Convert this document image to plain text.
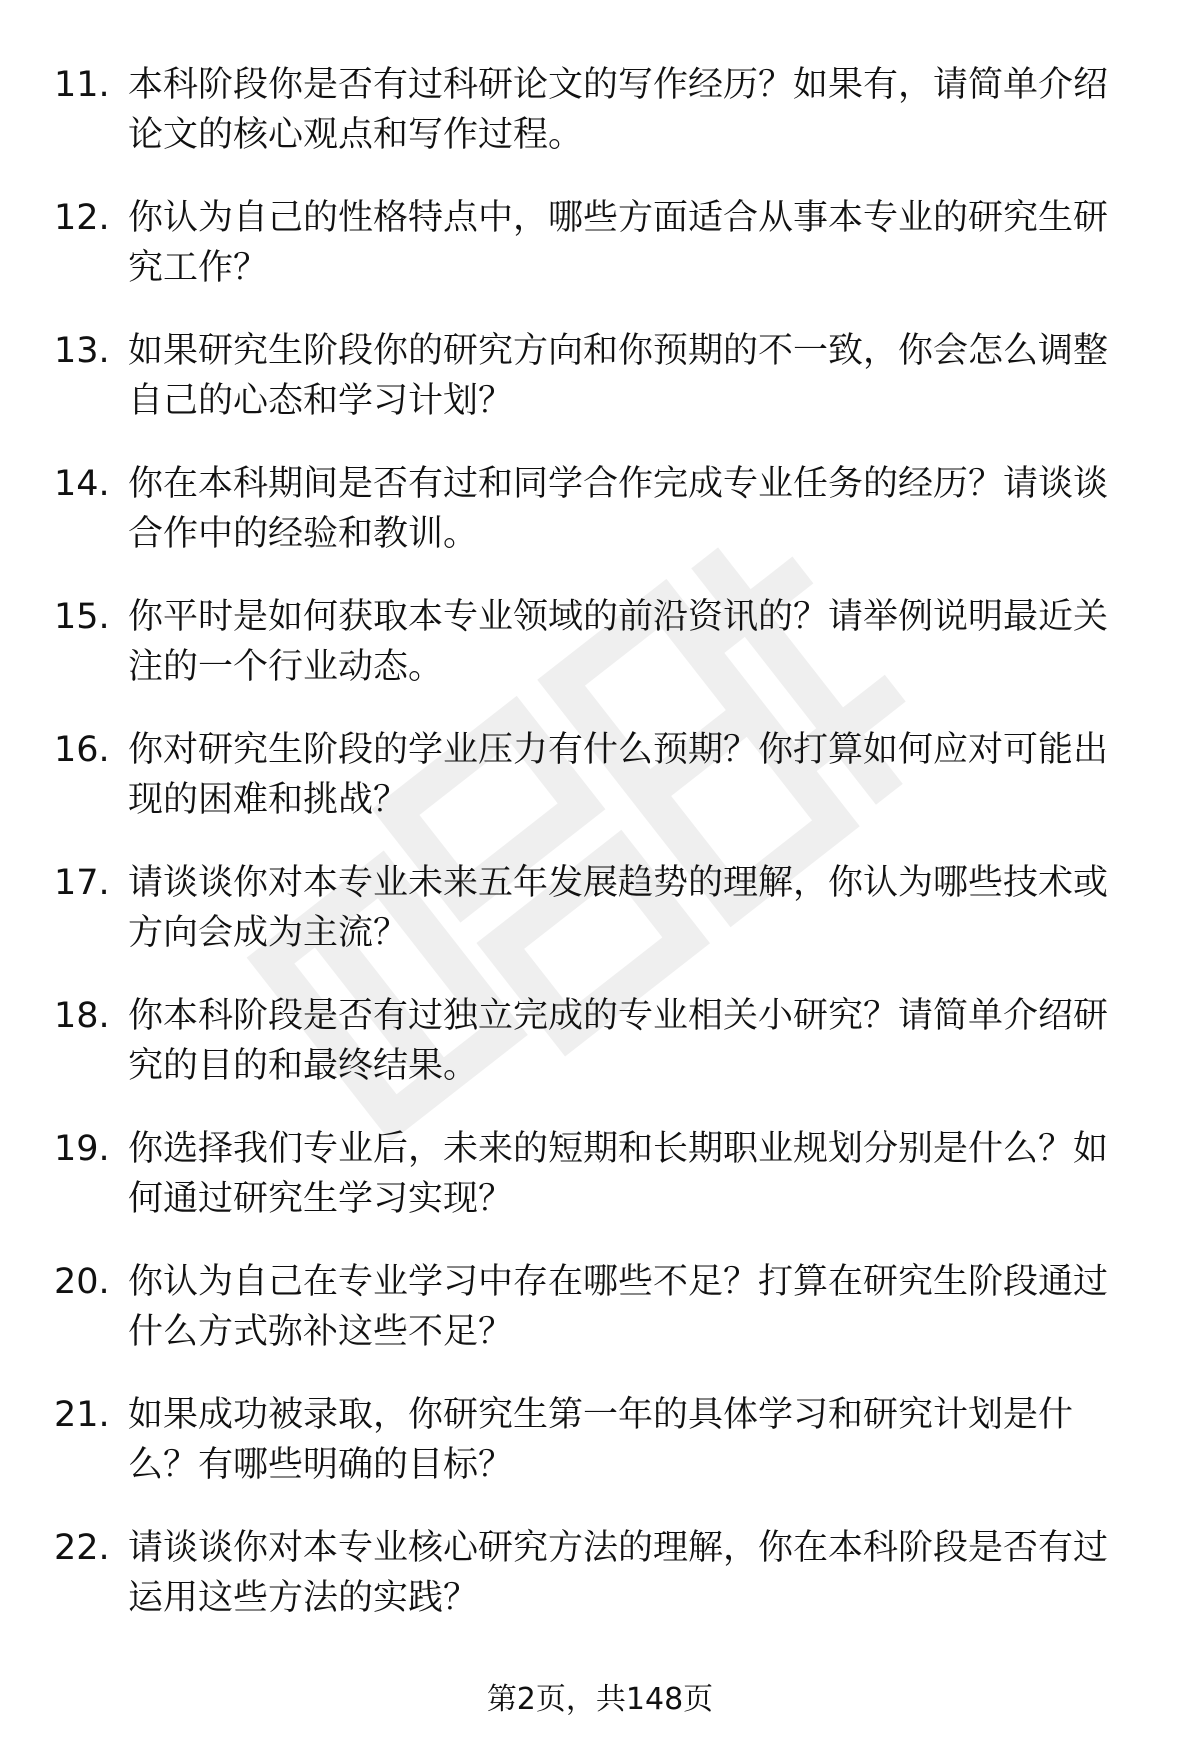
11. 本科阶段你是否有过科研论文的写作经历？如果有，请简单介绍论文的核心观点和写作过程。
12. 你认为自己的性格特点中，哪些方面适合从事本专业的研究生研究工作？
13. 如果研究生阶段你的研究方向和你预期的不一致，你会怎么调整自己的心态和学习计划？
14. 你在本科期间是否有过和同学合作完成专业任务的经历？请谈谈合作中的经验和教训。
15. 你平时是如何获取本专业领域的前沿资讯的？请举例说明最近关注的一个行业动态。
16. 你对研究生阶段的学业压力有什么预期？你打算如何应对可能出现的困难和挑战？
17. 请谈谈你对本专业未来五年发展趋势的理解，你认为哪些技术或方向会成为主流？
18. 你本科阶段是否有过独立完成的专业相关小研究？请简单介绍研究的目的和最终结果。
19. 你选择我们专业后，未来的短期和长期职业规划分别是什么？如何通过研究生学习实现？
20. 你认为自己在专业学习中存在哪些不足？打算在研究生阶段通过什么方式弥补这些不足？
21. 如果成功被录取，你研究生第一年的具体学习和研究计划是什么？有哪些明确的目标？
22. 请谈谈你对本专业核心研究方法的理解，你在本科阶段是否有过运用这些方法的实践？
第2页，共148页
